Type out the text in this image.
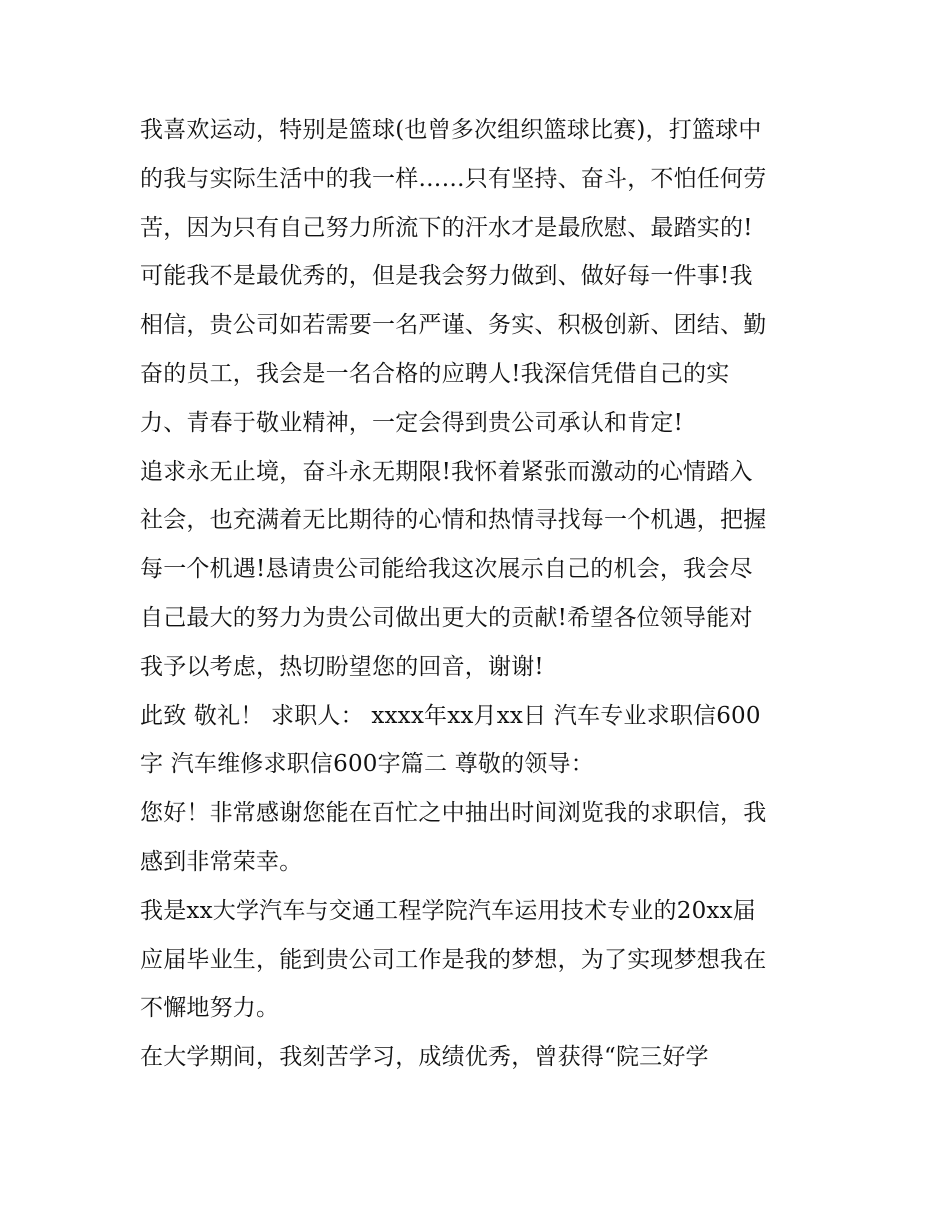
我喜欢运动，特别是篮球(也曾多次组织篮球比赛)，打篮球中
的我与实际生活中的我一样……只有坚持、奋斗，不怕任何劳
苦，因为只有自己努力所流下的汗水才是最欣慰、最踏实的!
可能我不是最优秀的，但是我会努力做到、做好每一件事!我
相信，贵公司如若需要一名严谨、务实、积极创新、团结、勤
奋的员工，我会是一名合格的应聘人!我深信凭借自己的实
力、青春于敬业精神，一定会得到贵公司承认和肯定!
追求永无止境，奋斗永无期限!我怀着紧张而激动的心情踏入
社会，也充满着无比期待的心情和热情寻找每一个机遇，把握
每一个机遇!恳请贵公司能给我这次展示自己的机会，我会尽
自己最大的努力为贵公司做出更大的贡献!希望各位领导能对
我予以考虑，热切盼望您的回音，谢谢!
此致 敬礼！ 求职人： xxxx年xx月xx日 汽车专业求职信600
字 汽车维修求职信600字篇二 尊敬的领导：
您好！非常感谢您能在百忙之中抽出时间浏览我的求职信，我
感到非常荣幸。
我是xx大学汽车与交通工程学院汽车运用技术专业的20xx届
应届毕业生，能到贵公司工作是我的梦想，为了实现梦想我在
不懈地努力。
在大学期间，我刻苦学习，成绩优秀，曾获得“院三好学
